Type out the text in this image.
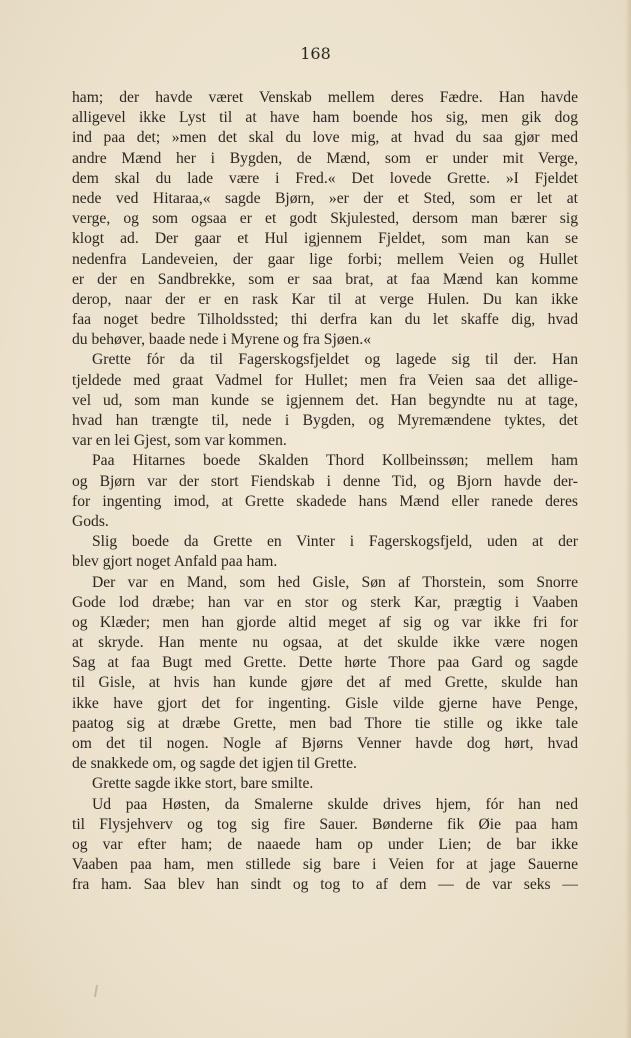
168
ham; der havde været Venskab mellem deres Fædre. Han havde
alligevel ikke Lyst til at have ham boende hos sig, men gik dog
ind paa det; »men det skal du love mig, at hvad du saa gjør med
andre Mænd her i Bygden, de Mænd, som er under mit Verge,
dem skal du lade være i Fred.« Det lovede Grette. »I Fjeldet
nede ved Hitaraa,« sagde Bjørn, »er der et Sted, som er let at
verge, og som ogsaa er et godt Skjulested, dersom man bærer sig
klogt ad. Der gaar et Hul igjennem Fjeldet, som man kan se
nedenfra Landeveien, der gaar lige forbi; mellem Veien og Hullet
er der en Sandbrekke, som er saa brat, at faa Mænd kan komme
derop, naar der er en rask Kar til at verge Hulen. Du kan ikke
faa noget bedre Tilholdssted; thi derfra kan du let skaffe dig, hvad
du behøver, baade nede i Myrene og fra Sjøen.«
Grette fór da til Fagerskogsfjeldet og lagede sig til der. Han
tjeldede med graat Vadmel for Hullet; men fra Veien saa det allige-
vel ud, som man kunde se igjennem det. Han begyndte nu at tage,
hvad han trængte til, nede i Bygden, og Myremændene tyktes, det
var en lei Gjest, som var kommen.
Paa Hitarnes boede Skalden Thord Kollbeinssøn; mellem ham
og Bjørn var der stort Fiendskab i denne Tid, og Bjorn havde der-
for ingenting imod, at Grette skadede hans Mænd eller ranede deres
Gods.
Slig boede da Grette en Vinter i Fagerskogsfjeld, uden at der
blev gjort noget Anfald paa ham.
Der var en Mand, som hed Gisle, Søn af Thorstein, som Snorre
Gode lod dræbe; han var en stor og sterk Kar, prægtig i Vaaben
og Klæder; men han gjorde altid meget af sig og var ikke fri for
at skryde. Han mente nu ogsaa, at det skulde ikke være nogen
Sag at faa Bugt med Grette. Dette hørte Thore paa Gard og sagde
til Gisle, at hvis han kunde gjøre det af med Grette, skulde han
ikke have gjort det for ingenting. Gisle vilde gjerne have Penge,
paatog sig at dræbe Grette, men bad Thore tie stille og ikke tale
om det til nogen. Nogle af Bjørns Venner havde dog hørt, hvad
de snakkede om, og sagde det igjen til Grette.
Grette sagde ikke stort, bare smilte.
Ud paa Høsten, da Smalerne skulde drives hjem, fór han ned
til Flysjehverv og tog sig fire Sauer. Bønderne fik Øie paa ham
og var efter ham; de naaede ham op under Lien; de bar ikke
Vaaben paa ham, men stillede sig bare i Veien for at jage Sauerne
fra ham. Saa blev han sindt og tog to af dem — de var seks —
